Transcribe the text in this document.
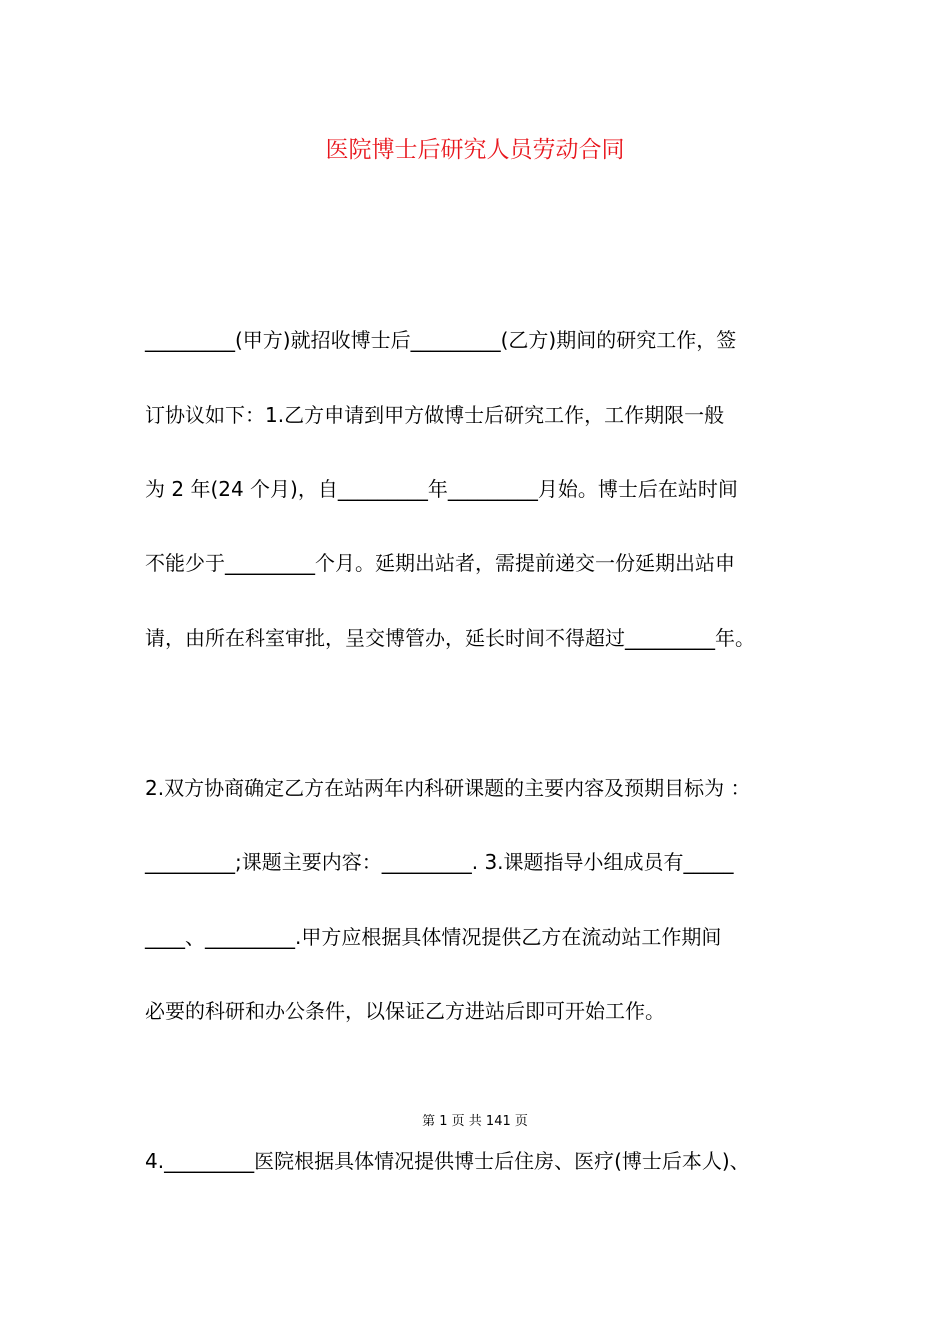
医院博士后研究人员劳动合同
_________(甲方)就招收博士后_________(乙方)期间的研究工作，签
订协议如下：1.乙方申请到甲方做博士后研究工作，工作期限一般
为 2 年(24 个月)，自_________年_________月始。博士后在站时间
不能少于_________个月。延期出站者，需提前递交一份延期出站申
请，由所在科室审批，呈交博管办，延长时间不得超过_________年。
2.双方协商确定乙方在站两年内科研课题的主要内容及预期目标为 ：
_________;课题主要内容：_________. 3.课题指导小组成员有_____
____、_________.甲方应根据具体情况提供乙方在流动站工作期间
必要的科研和办公条件，以保证乙方进站后即可开始工作。
第 1 页 共 141 页
4._________医院根据具体情况提供博士后住房、医疗(博士后本人)、
